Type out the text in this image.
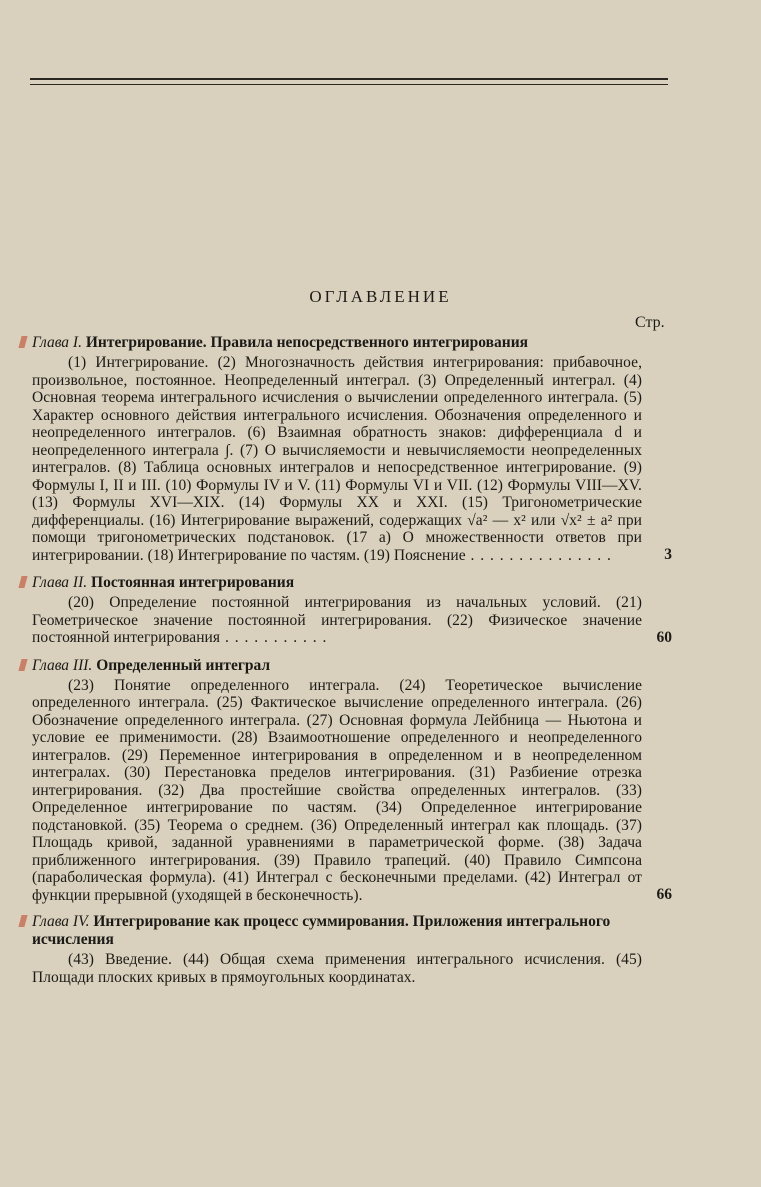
ОГЛАВЛЕНИЕ
Стр.
Глава I. Интегрирование. Правила непосредственного интегрирования
(1) Интегрирование. (2) Многозначность действия интегрирования: прибавочное, произвольное, постоянное. Неопределенный интеграл. (3) Определенный интеграл. (4) Основная теорема интегрального исчисления о вычислении определенного интеграла. (5) Характер основного действия интегрального исчисления. Обозначения определенного и неопределенного интегралов. (6) Взаимная обратность знаков: дифференциала d и неопределенного интеграла ∫. (7) О вычисляемости и невычисляемости неопределенных интегралов. (8) Таблица основных интегралов и непосредственное интегрирование. (9) Формулы I, II и III. (10) Формулы IV и V. (11) Формулы VI и VII. (12) Формулы VIII—XV. (13) Формулы XVI—XIX. (14) Формулы XX и XXI. (15) Тригонометрические дифференциалы. (16) Интегрирование выражений, содержащих √a² — x² или √x² ± a² при помощи тригонометрических подстановок. (17 а) О множественности ответов при интегрировании. (18) Интегрирование по частям. (19) Пояснение . . . . . . . . . . . . . . .	3
Глава II. Постоянная интегрирования
(20) Определение постоянной интегрирования из начальных условий. (21) Геометрическое значение постоянной интегрирования. (22) Физическое значение постоянной интегрирования . . . . . . . . . . .	60
Глава III. Определенный интеграл
(23) Понятие определенного интеграла. (24) Теоретическое вычисление определенного интеграла. (25) Фактическое вычисление определенного интеграла. (26) Обозначение определенного интеграла. (27) Основная формула Лейбница — Ньютона и условие ее применимости. (28) Взаимоотношение определенного и неопределенного интегралов. (29) Переменное интегрирования в определенном и в неопределенном интегралах. (30) Перестановка пределов интегрирования. (31) Разбиение отрезка интегрирования. (32) Два простейшие свойства определенных интегралов. (33) Определенное интегрирование по частям. (34) Определенное интегрирование подстановкой. (35) Теорема о среднем. (36) Определенный интеграл как площадь. (37) Площадь кривой, заданной уравнениями в параметрической форме. (38) Задача приближенного интегрирования. (39) Правило трапеций. (40) Правило Симпсона (параболическая формула). (41) Интеграл с бесконечными пределами. (42) Интеграл от функции прерывной (уходящей в бесконечность).	66
Глава IV. Интегрирование как процесс суммирования. Приложения интегрального исчисления
(43) Введение. (44) Общая схема применения интегрального исчисления. (45) Площади плоских кривых в прямоугольных координатах.
